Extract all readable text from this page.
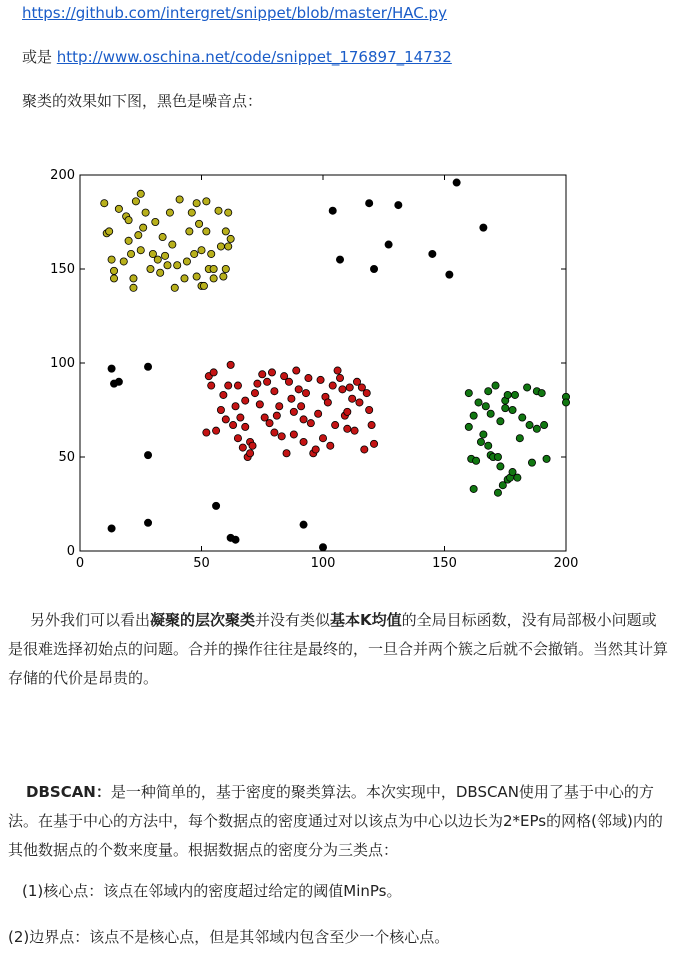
https://github.com/intergret/snippet/blob/master/HAC.py
或是 http://www.oschina.net/code/snippet_176897_14732
聚类的效果如下图，黑色是噪音点：
0	50	100	150	200
0
50
100
150
200
另外我们可以看出凝聚的层次聚类并没有类似基本K均值的全局目标函数，没有局部极小问题或是很难选择初始点的问题。合并的操作往往是最终的，一旦合并两个簇之后就不会撤销。当然其计算存储的代价是昂贵的。
DBSCAN：是一种简单的，基于密度的聚类算法。本次实现中，DBSCAN使用了基于中心的方法。在基于中心的方法中，每个数据点的密度通过对以该点为中心以边长为2*EPs的网格(邻域)内的其他数据点的个数来度量。根据数据点的密度分为三类点：
(1)核心点：该点在邻域内的密度超过给定的阈值MinPs。
(2)边界点：该点不是核心点，但是其邻域内包含至少一个核心点。
